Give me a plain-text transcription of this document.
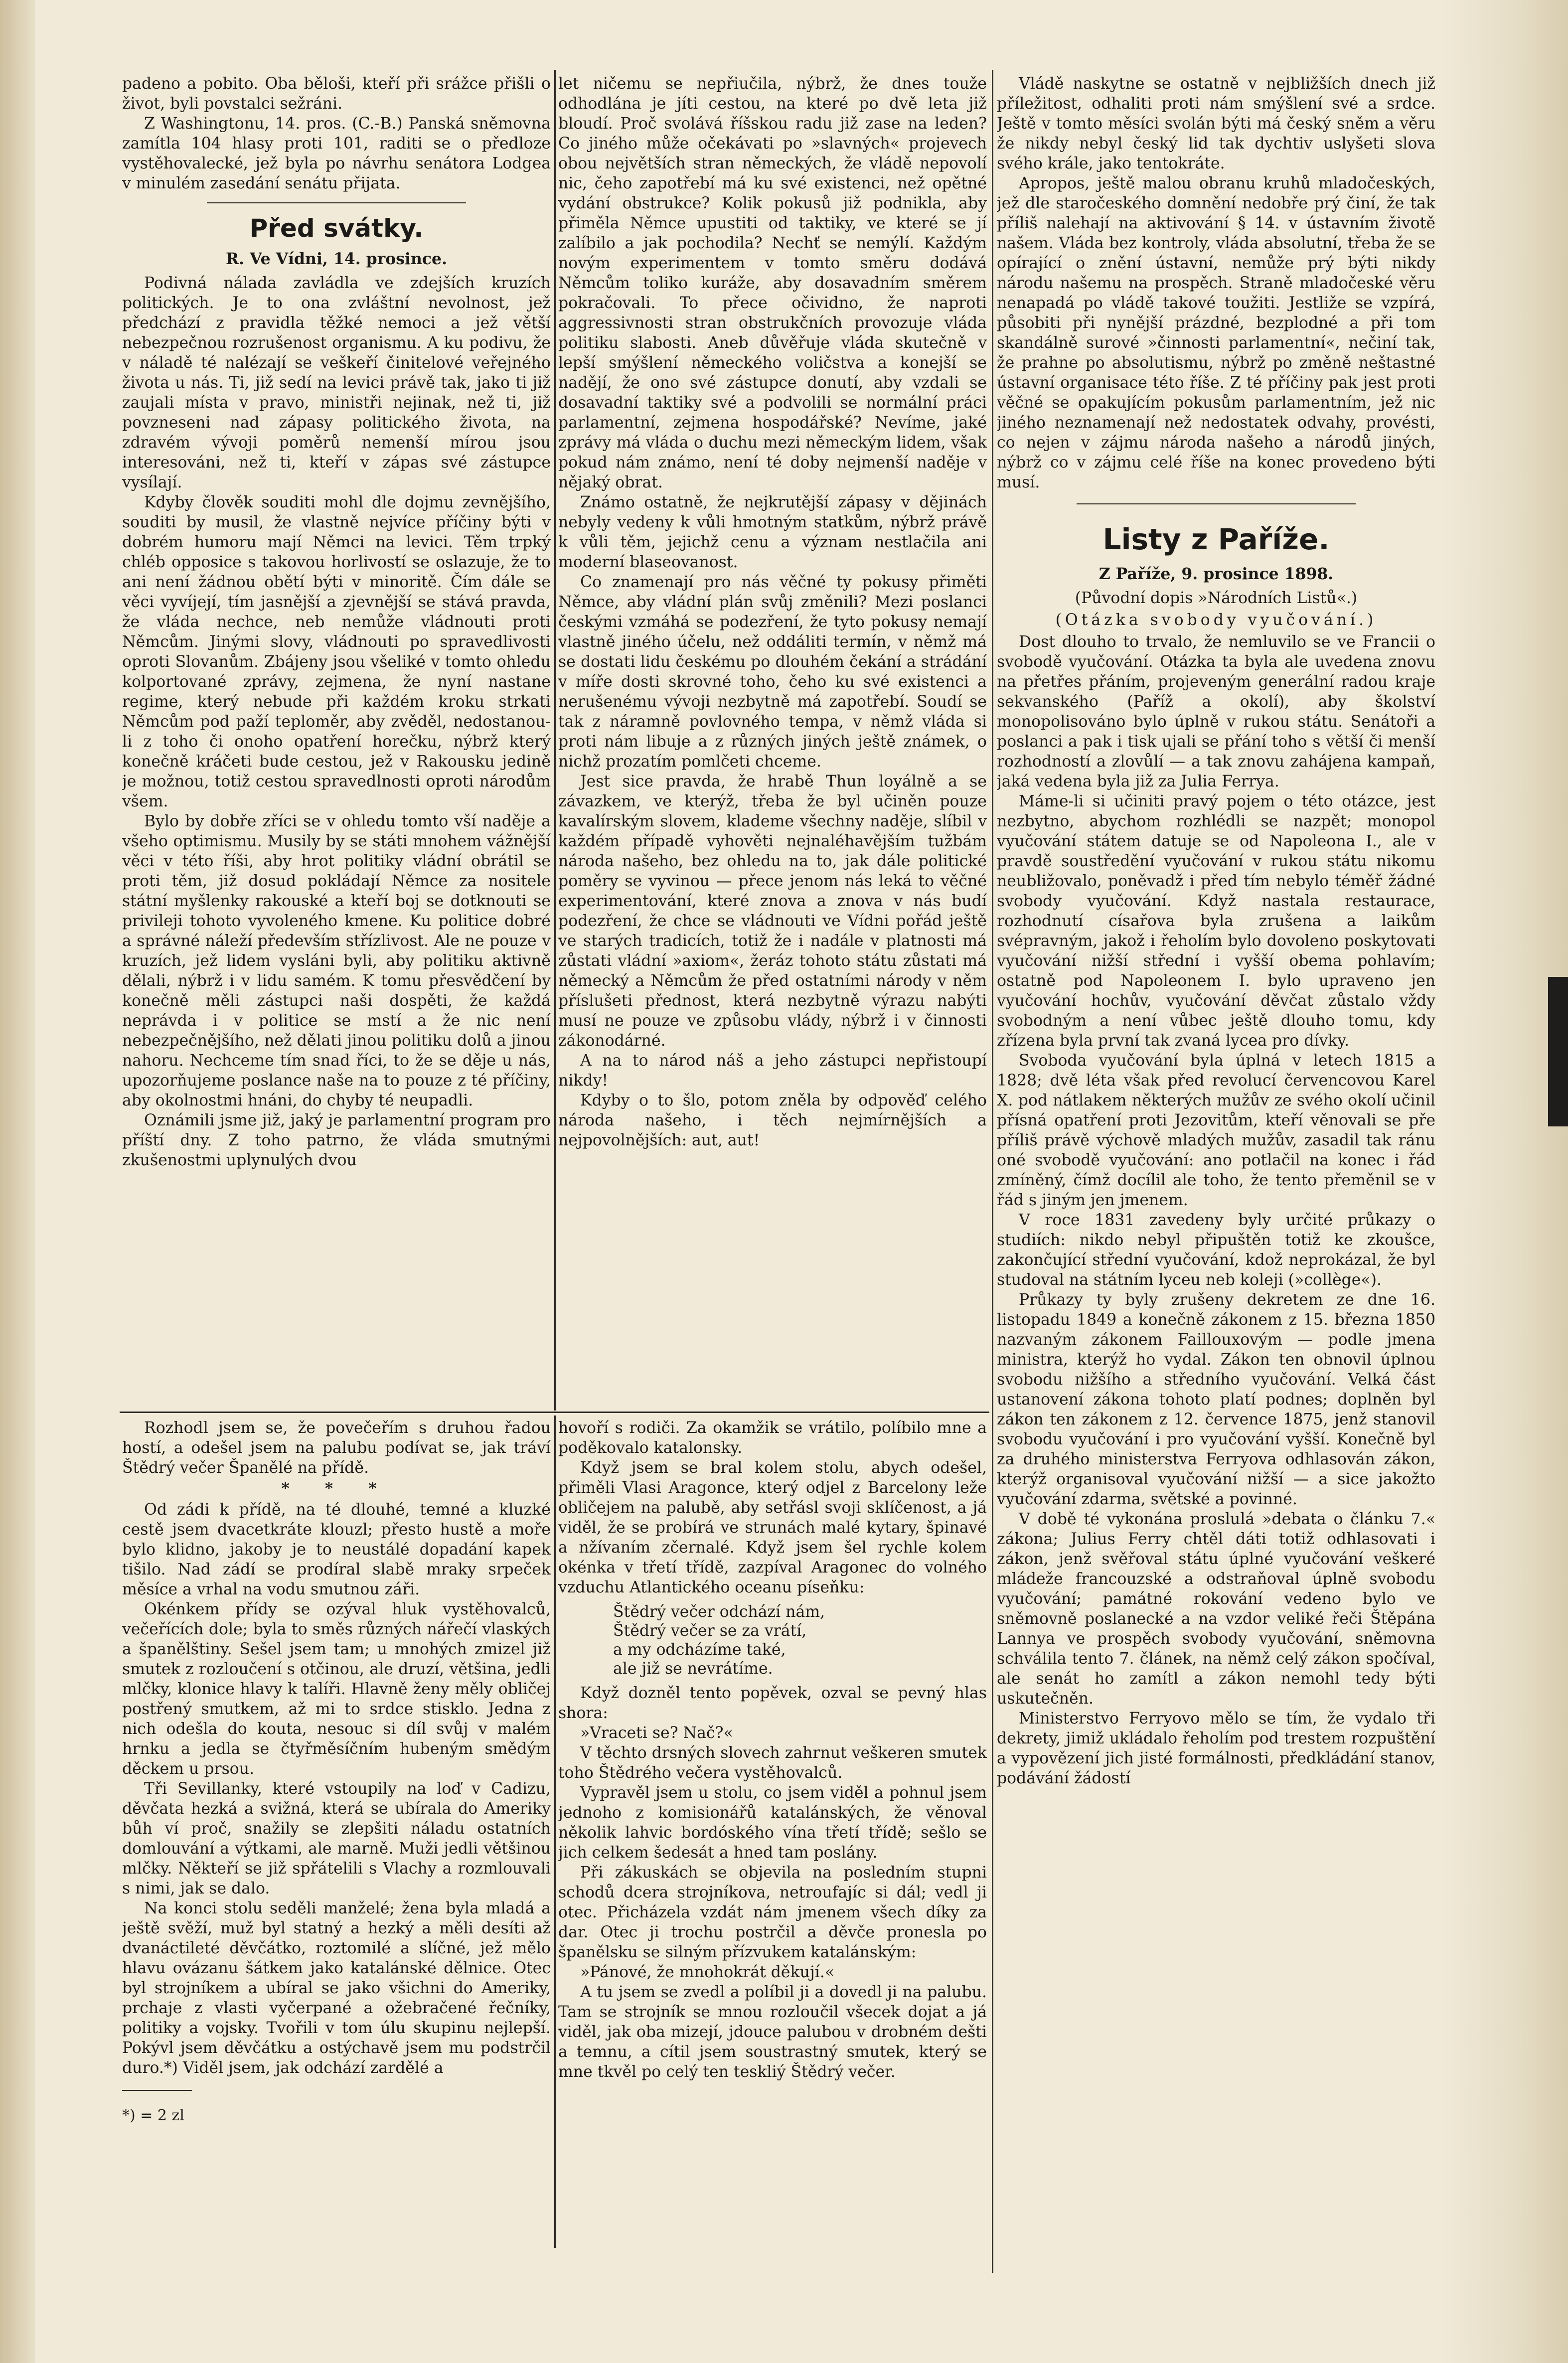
padeno a pobito. Oba běloši, kteří při srážce přišli o život, byli povstalci sežráni.

Z Washingtonu, 14. pros. (C.-B.) Panská sněmovna zamítla 104 hlasy proti 101, raditi se o předloze vystěhovalecké, jež byla po návrhu senátora Lodgea v minulém zasedání senátu přijata.

Před svátky.
R. Ve Vídni, 14. prosince.

Podivná nálada zavládla ve zdejších kruzích politických. Je to ona zvláštní nevolnost, jež předchází z pravidla těžké nemoci a jež větší nebezpečnou rozrušenost organismu. A ku podivu, že v náladě té nalézají se veškeří činitelové veřejného života u nás. Ti, již sedí na levici právě tak, jako ti již zaujali místa v pravo, ministři nejinak, než ti, již povzneseni nad zápasy politického života, na zdravém vývoji poměrů nemenší mírou jsou interesováni, než ti, kteří v zápas své zástupce vysílají.

Kdyby člověk souditi mohl dle dojmu zevnějšího, souditi by musil, že vlastně nejvíce příčiny býti v dobrém humoru mají Němci na levici. Těm trpký chléb opposice s takovou horlivostí se oslazuje, že to ani není žádnou obětí býti v minoritě. Čím dále se věci vyvíjejí, tím jasnější a zjevnější se stává pravda, že vláda nechce, neb nemůže vládnouti proti Němcům. Jinými slovy, vládnouti po spravedlivosti oproti Slovanům. Zbájeny jsou všeliké v tomto ohledu kolportované zprávy, zejmena, že nyní nastane regime, který nebude při každém kroku strkati Němcům pod paží teploměr, aby zvěděl, nedostanou-li z toho či onoho opatření horečku, nýbrž který konečně kráčeti bude cestou, jež v Rakousku jedině je možnou, totiž cestou spravedlnosti oproti národům všem.

Bylo by dobře zříci se v ohledu tomto vší naděje a všeho optimismu. Musily by se státi mnohem vážnější věci v této říši, aby hrot politiky vládní obrátil se proti těm, již dosud pokládají Němce za nositele státní myšlenky rakouské a kteří boj se dotknouti se privileji tohoto vyvoleného kmene. Ku politice dobré a správné náleží především střízlivost. Ale ne pouze v kruzích, jež lidem vysláni byli, aby politiku aktivně dělali, nýbrž i v lidu samém. K tomu přesvědčení by konečně měli zástupci naši dospěti, že každá neprávda i v politice se mstí a že nic není nebezpečnějšího, než dělati jinou politiku dolů a jinou nahoru. Nechceme tím snad říci, to že se děje u nás, upozorňujeme poslance naše na to pouze z té příčiny, aby okolnostmi hnáni, do chyby té neupadli.

Oznámili jsme již, jaký je parlamentní program pro příští dny. Z toho patrno, že vláda smutnými zkušenostmi uplynulých dvou

let ničemu se nepřiučila, nýbrž, že dnes touže odhodlána je jíti cestou, na které po dvě leta již bloudí. Proč svolává říšskou radu již zase na leden? Co jiného může očekávati po »slavných« projevech obou největších stran německých, že vládě nepovolí nic, čeho zapotřebí má ku své existenci, než opětné vydání obstrukce? Kolik pokusů již podnikla, aby přiměla Němce upustiti od taktiky, ve které se jí zalíbilo a jak pochodila? Nechť se nemýlí. Každým novým experimentem v tomto směru dodává Němcům toliko kuráže, aby dosavadním směrem pokračovali. To přece očividno, že naproti aggressivnosti stran obstrukčních provozuje vláda politiku slabosti. Aneb důvěřuje vláda skutečně v lepší smýšlení německého voličstva a konejší se nadějí, že ono své zástupce donutí, aby vzdali se dosavadní taktiky své a podvolili se normální práci parlamentní, zejmena hospodářské? Nevíme, jaké zprávy má vláda o duchu mezi německým lidem, však pokud nám známo, není té doby nejmenší naděje v nějaký obrat.

Známo ostatně, že nejkrutější zápasy v dějinách nebyly vedeny k vůli hmotným statkům, nýbrž právě k vůli těm, jejichž cenu a význam nestlačila ani moderní blaseovanost.

Co znamenají pro nás věčné ty pokusy přiměti Němce, aby vládní plán svůj změnili? Mezi poslanci českými vzmáhá se podezření, že tyto pokusy nemají vlastně jiného účelu, než oddáliti termín, v němž má se dostati lidu českému po dlouhém čekání a strádání v míře dosti skrovné toho, čeho ku své existenci a nerušenému vývoji nezbytně má zapotřebí. Soudí se tak z náramně povlovného tempa, v němž vláda si proti nám libuje a z různých jiných ještě známek, o nichž prozatím pomlčeti chceme.

Jest sice pravda, že hrabě Thun loyálně a se závazkem, ve kterýž, třeba že byl učiněn pouze kavalírským slovem, klademe všechny naděje, slíbil v každém případě vyhověti nejnaléhavějším tužbám národa našeho, bez ohledu na to, jak dále politické poměry se vyvinou — přece jenom nás leká to věčné experimentování, které znova a znova v nás budí podezření, že chce se vládnouti ve Vídni pořád ještě ve starých tradicích, totiž že i nadále v platnosti má zůstati vládní »axiom«, žeráz tohoto státu zůstati má německý a Němcům že před ostatními národy v něm příslušeti přednost, která nezbytně výrazu nabýti musí ne pouze ve způsobu vlády, nýbrž i v činnosti zákonodárné.

A na to národ náš a jeho zástupci nepřistoupí nikdy!

Kdyby o to šlo, potom zněla by odpověď celého národa našeho, i těch nejmírnějších a nejpovolnějších: aut, aut!

Vládě naskytne se ostatně v nejbližších dnech již příležitost, odhaliti proti nám smýšlení své a srdce. Ještě v tomto měsíci svolán býti má český sněm a věru že nikdy nebyl český lid tak dychtiv uslyšeti slova svého krále, jako tentokráte.

Apropos, ještě malou obranu kruhů mladočeských, jež dle staročeského domnění nedobře prý činí, že tak příliš nalehají na aktivování § 14. v ústavním životě našem. Vláda bez kontroly, vláda absolutní, třeba že se opírající o znění ústavní, nemůže prý býti nikdy národu našemu na prospěch. Straně mladočeské věru nenapadá po vládě takové toužiti. Jestliže se vzpírá, působiti při nynější prázdné, bezplodné a při tom skandálně surové »činnosti parlamentní«, nečiní tak, že prahne po absolutismu, nýbrž po změně neštastné ústavní organisace této říše. Z té příčiny pak jest proti věčné se opakujícím pokusům parlamentním, jež nic jiného neznamenají než nedostatek odvahy, provésti, co nejen v zájmu národa našeho a národů jiných, nýbrž co v zájmu celé říše na konec provedeno býti musí.

Listy z Paříže.
Z Paříže, 9. prosince 1898.
(Původní dopis »Národních Listů«.)
(Otázka svobody vyučování.)

Dost dlouho to trvalo, že nemluvilo se ve Francii o svobodě vyučování. Otázka ta byla ale uvedena znovu na přetřes přáním, projeveným generální radou kraje sekvanského (Paříž a okolí), aby školství monopolisováno bylo úplně v rukou státu. Senátoři a poslanci a pak i tisk ujali se přání toho s větší či menší rozhodností a zlovůlí — a tak znovu zahájena kampaň, jaká vedena byla již za Julia Ferrya.

Máme-li si učiniti pravý pojem o této otázce, jest nezbytno, abychom rozhlédli se nazpět; monopol vyučování státem datuje se od Napoleona I., ale v pravdě soustředění vyučování v rukou státu nikomu neubližovalo, poněvadž i před tím nebylo téměř žádné svobody vyučování. Když nastala restaurace, rozhodnutí císařova byla zrušena a laikům svépravným, jakož i řeholím bylo dovoleno poskytovati vyučování nižší střední i vyšší obema pohlavím; ostatně pod Napoleonem I. bylo upraveno jen vyučování hochův, vyučování děvčat zůstalo vždy svobodným a není vůbec ještě dlouho tomu, kdy zřízena byla první tak zvaná lycea pro dívky.

Svoboda vyučování byla úplná v letech 1815 a 1828; dvě léta však před revolucí červencovou Karel X. pod nátlakem některých mužův ze svého okolí učinil přísná opatření proti Jezovitům, kteří věnovali se pře příliš právě výchově mladých mužův, zasadil tak ránu oné svobodě vyučování: ano potlačil na konec i řád zmíněný, čímž docílil ale toho, že tento přeměnil se v řád s jiným jen jmenem.

V roce 1831 zavedeny byly určité průkazy o studiích: nikdo nebyl připuštěn totiž ke zkoušce, zakončující střední vyučování, kdož neprokázal, že byl studoval na státním lyceu neb koleji (»collège«).

Průkazy ty byly zrušeny dekretem ze dne 16. listopadu 1849 a konečně zákonem z 15. března 1850 nazvaným zákonem Faillouxovým — podle jmena ministra, kterýž ho vydal. Zákon ten obnovil úplnou svobodu nižšího a středního vyučování. Velká část ustanovení zákona tohoto platí podnes; doplněn byl zákon ten zákonem z 12. července 1875, jenž stanovil svobodu vyučování i pro vyučování vyšší. Konečně byl za druhého ministerstva Ferryova odhlasován zákon, kterýž organisoval vyučování nižší — a sice jakožto vyučování zdarma, světské a povinné.

V době té vykonána proslulá »debata o článku 7.« zákona; Julius Ferry chtěl dáti totiž odhlasovati i zákon, jenž svěřoval státu úplné vyučování veškeré mládeže francouzské a odstraňoval úplně svobodu vyučování; památné rokování vedeno bylo ve sněmovně poslanecké a na vzdor veliké řeči Štěpána Lannya ve prospěch svobody vyučování, sněmovna schválila tento 7. článek, na němž celý zákon spočíval, ale senát ho zamítl a zákon nemohl tedy býti uskutečněn.

Ministerstvo Ferryovo mělo se tím, že vydalo tři dekrety, jimiž ukládalo řeholím pod trestem rozpuštění a vypovězení jich jisté formálnosti, předkládání stanov, podávání žádostí

Rozhodl jsem se, že povečeřím s druhou řadou hostí, a odešel jsem na palubu podívat se, jak tráví Štědrý večer Španělé na přídě.

* * *

Od zádi k přídě, na té dlouhé, temné a kluzké cestě jsem dvacetkráte klouzl; přesto hustě a moře bylo klidno, jakoby je to neustálé dopadání kapek tišilo. Nad zádí se prodíral slabě mraky srpeček měsíce a vrhal na vodu smutnou záři.

Okénkem přídy se ozýval hluk vystěhovalců, večeřících dole; byla to směs různých nářečí vlaských a španělštiny. Sešel jsem tam; u mnohých zmizel již smutek z rozloučení s otčinou, ale druzí, většina, jedli mlčky, klonice hlavy k talíři. Hlavně ženy měly obličej postřený smutkem, až mi to srdce stisklo. Jedna z nich odešla do kouta, nesouc si díl svůj v malém hrnku a jedla se čtyřměsíčním hubeným smědým děckem u prsou.

Tři Sevillanky, které vstoupily na loď v Cadizu, děvčata hezká a svižná, která se ubírala do Ameriky bůh ví proč, snažily se zlepšiti náladu ostatních domlouvání a výtkami, ale marně. Muži jedli většinou mlčky. Někteří se již spřátelili s Vlachy a rozmlouvali s nimi, jak se dalo.

Na konci stolu seděli manželé; žena byla mladá a ještě svěží, muž byl statný a hezký a měli desíti až dvanáctileté děvčátko, roztomilé a slíčné, jež mělo hlavu ovázanu šátkem jako katalánské dělnice. Otec byl strojníkem a ubíral se jako všichni do Ameriky, prchaje z vlasti vyčerpané a ožebračené řečníky, politiky a vojsky. Tvořili v tom úlu skupinu nejlepší. Pokývl jsem děvčátku a ostýchavě jsem mu podstrčil duro.*) Viděl jsem, jak odchází zardělé a

*) = 2 zl

hovoří s rodiči. Za okamžik se vrátilo, políbilo mne a poděkovalo katalonsky.

Když jsem se bral kolem stolu, abych odešel, přiměli Vlasi Aragonce, který odjel z Barcelony leže obličejem na palubě, aby setřásl svoji sklíčenost, a já viděl, že se probírá ve strunách malé kytary, špinavé a nžívaním zčernalé. Když jsem šel rychle kolem okénka v třetí třídě, zazpíval Aragonec do volného vzduchu Atlantického oceanu píseňku:

Štědrý večer odchází nám,
Štědrý večer se za vrátí,
a my odcházíme také,
ale již se nevrátíme.

Když dozněl tento popěvek, ozval se pevný hlas shora:

»Vraceti se? Nač?«

V těchto drsných slovech zahrnut veškeren smutek toho Štědrého večera vystěhovalců.

Vypravěl jsem u stolu, co jsem viděl a pohnul jsem jednoho z komisionářů katalánských, že věnoval několik lahvic bordóského vína třetí třídě; sešlo se jich celkem šedesát a hned tam poslány.

Při zákuskách se objevila na posledním stupni schodů dcera strojníkova, netroufajíc si dál; vedl ji otec. Přicházela vzdát nám jmenem všech díky za dar. Otec ji trochu postrčil a děvče pronesla po španělsku se silným přízvukem katalánským:

»Pánové, že mnohokrát děkují.«

A tu jsem se zvedl a políbil ji a dovedl ji na palubu. Tam se strojník se mnou rozloučil všecek dojat a já viděl, jak oba mizejí, jdouce palubou v drobném dešti a temnu, a cítil jsem soustrastný smutek, který se mne tkvěl po celý ten teskliý Štědrý večer.
